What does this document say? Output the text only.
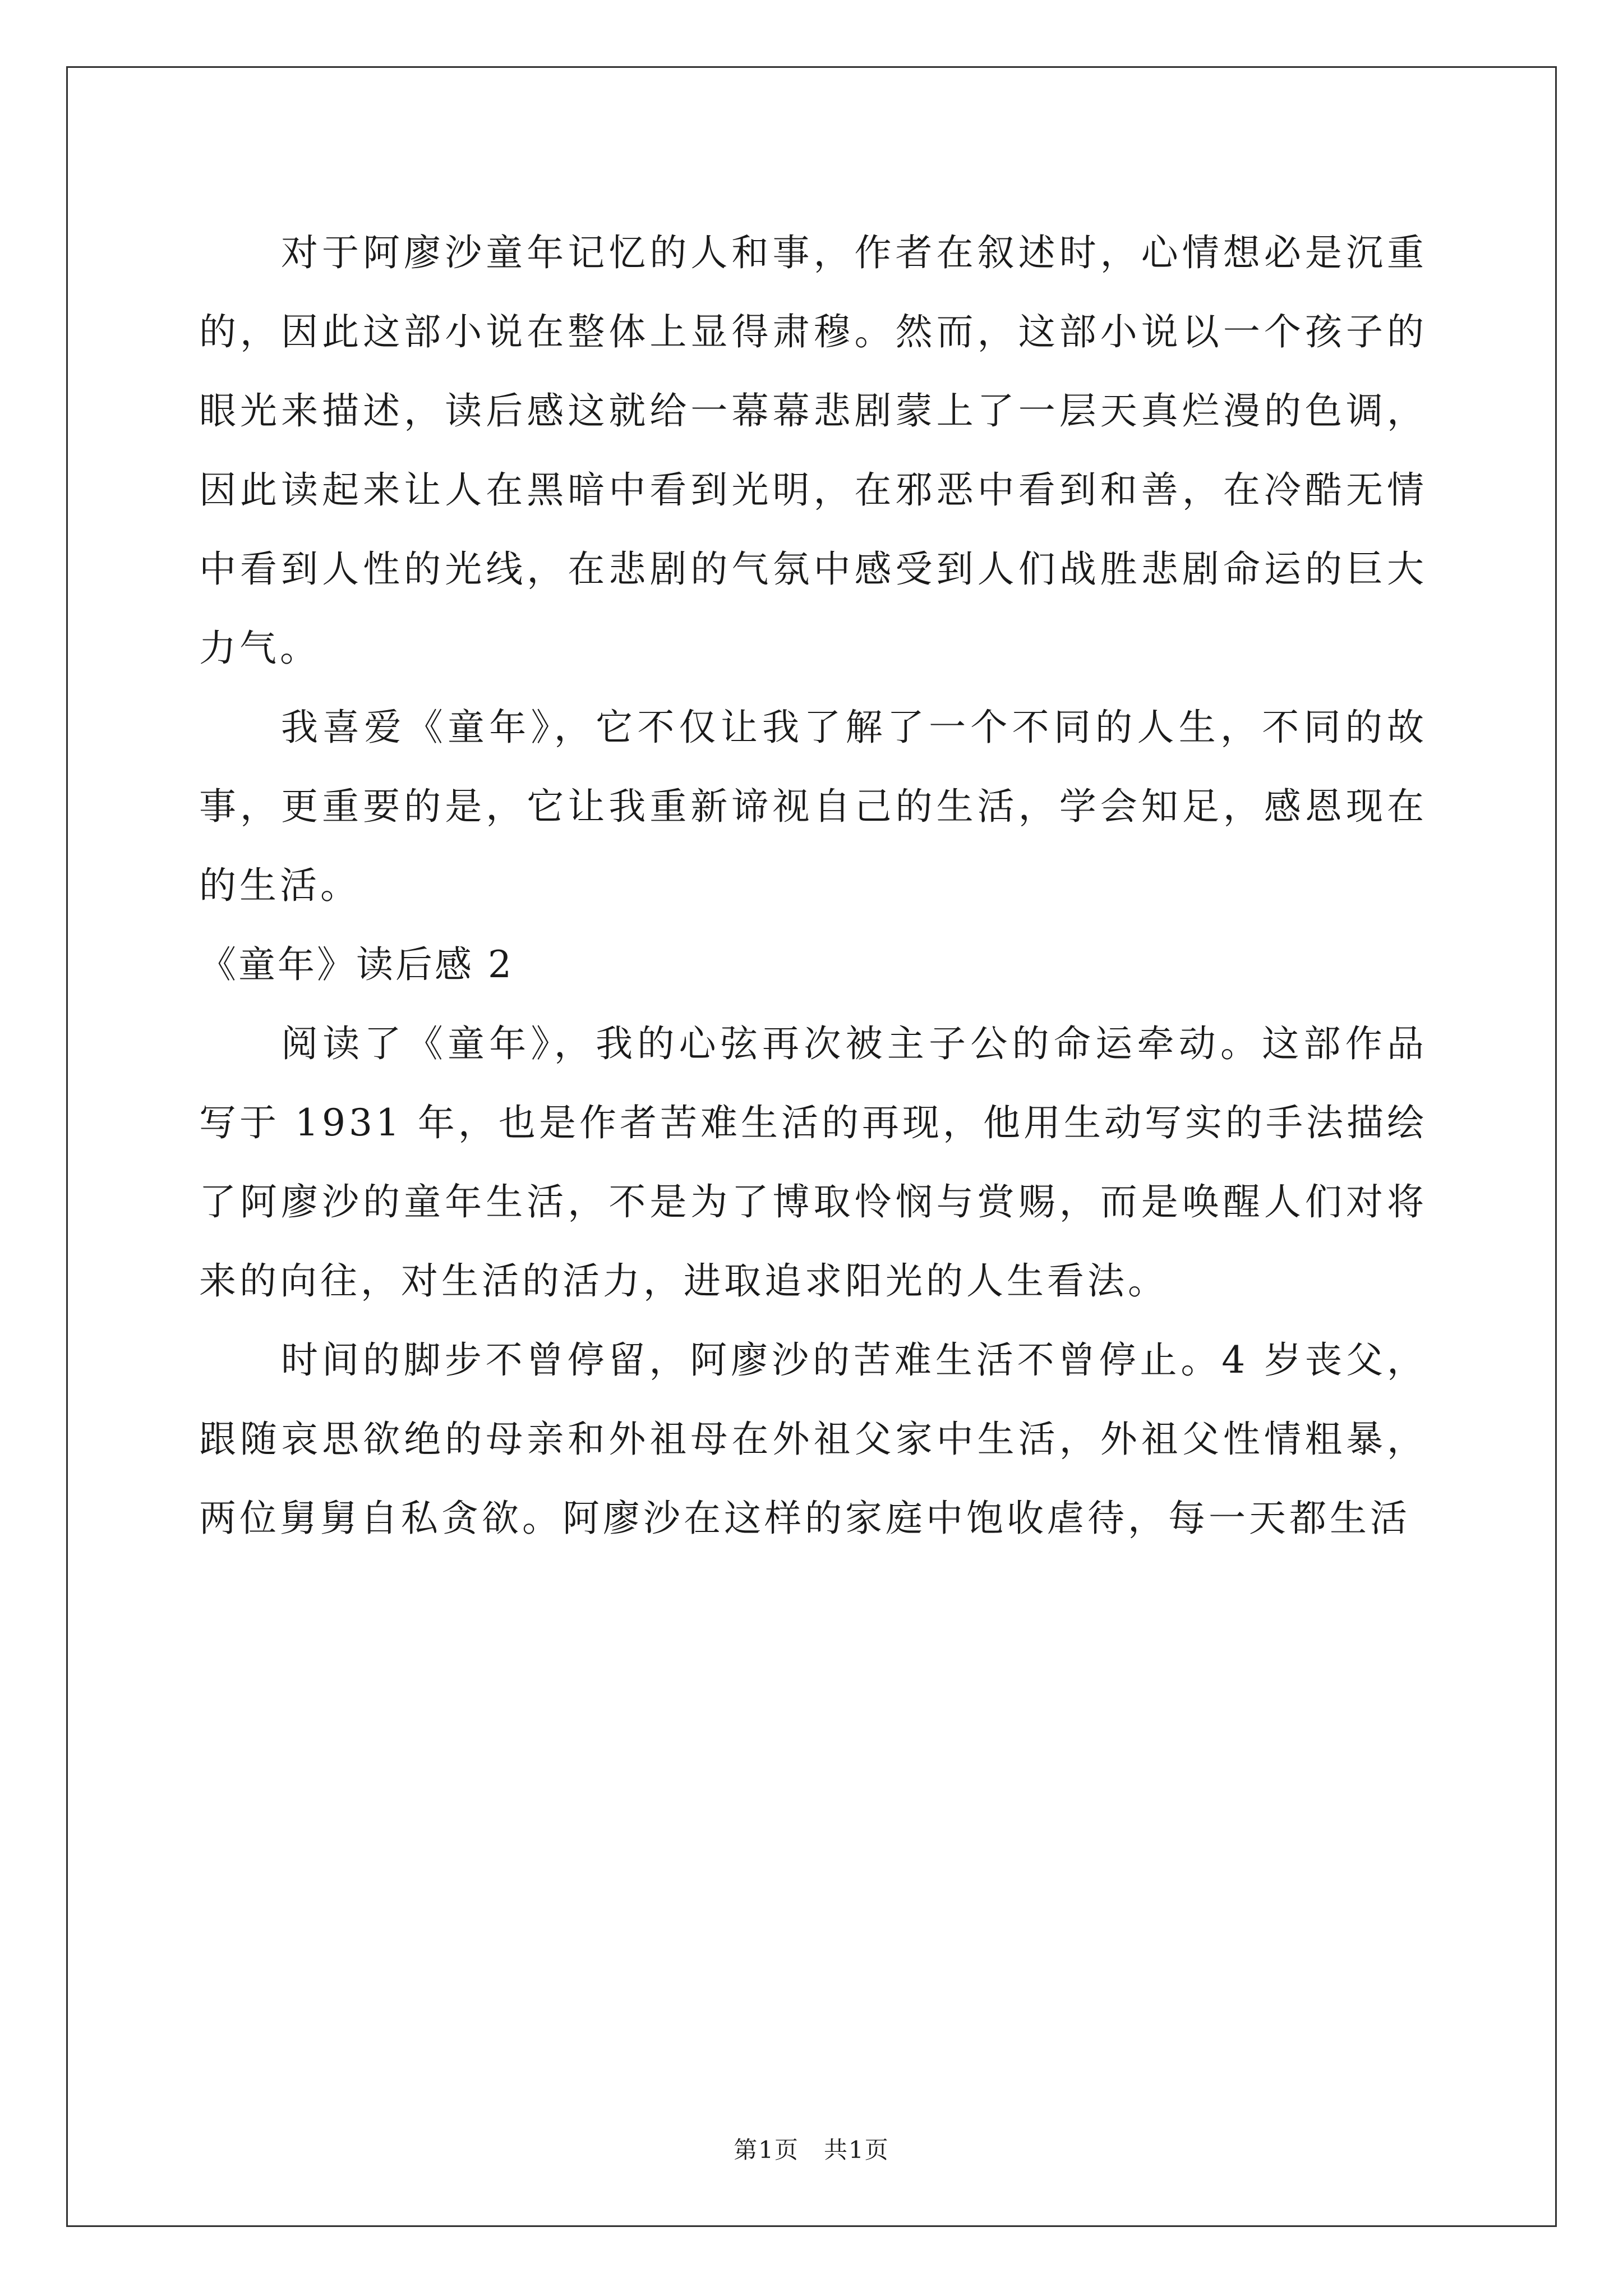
对于阿廖沙童年记忆的人和事，作者在叙述时，心情想必是沉重的，因此这部小说在整体上显得肃穆。然而，这部小说以一个孩子的眼光来描述，读后感这就给一幕幕悲剧蒙上了一层天真烂漫的色调，因此读起来让人在黑暗中看到光明，在邪恶中看到和善，在冷酷无情中看到人性的光线，在悲剧的气氛中感受到人们战胜悲剧命运的巨大力气。

我喜爱《童年》，它不仅让我了解了一个不同的人生，不同的故事，更重要的是，它让我重新谛视自己的生活，学会知足，感恩现在的生活。

《童年》读后感 2

阅读了《童年》，我的心弦再次被主子公的命运牵动。这部作品写于 1931 年，也是作者苦难生活的再现，他用生动写实的手法描绘了阿廖沙的童年生活，不是为了博取怜悯与赏赐，而是唤醒人们对将来的向往，对生活的活力，进取追求阳光的人生看法。

时间的脚步不曾停留，阿廖沙的苦难生活不曾停止。4 岁丧父，跟随哀思欲绝的母亲和外祖母在外祖父家中生活，外祖父性情粗暴，两位舅舅自私贪欲。阿廖沙在这样的家庭中饱收虐待，每一天都生活

第1页　共1页
